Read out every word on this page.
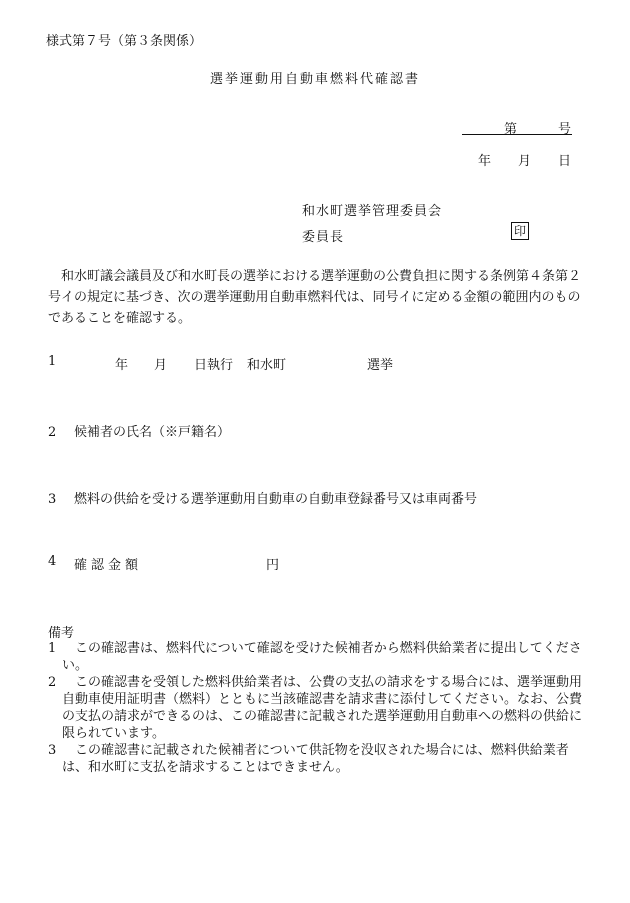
様式第７号（第３条関係）
選挙運動用自動車燃料代確認書
第	号
年 月 日
和水町選挙管理委員会
委員長	印

　和水町議会議員及び和水町長の選挙における選挙運動の公費負担に関する条例第４条第２号イの規定に基づき、次の選挙運動用自動車燃料代は、同号イに定める金額の範囲内のものであることを確認する。

1	年 月 日執行 和水町	選挙
2 候補者の氏名（※戸籍名）
3 燃料の供給を受ける選挙運動用自動車の自動車登録番号又は車両番号
4 確認金額	円
備考

1 　この確認書は、燃料代について確認を受けた候補者から燃料供給業者に提出してください。

2 　この確認書を受領した燃料供給業者は、公費の支払の請求をする場合には、選挙運動用自動車使用証明書（燃料）とともに当該確認書を請求書に添付してください。なお、公費の支払の請求ができるのは、この確認書に記載された選挙運動用自動車への燃料の供給に限られています。

3 　この確認書に記載された候補者について供託物を没収された場合には、燃料供給業者は、和水町に支払を請求することはできません。
